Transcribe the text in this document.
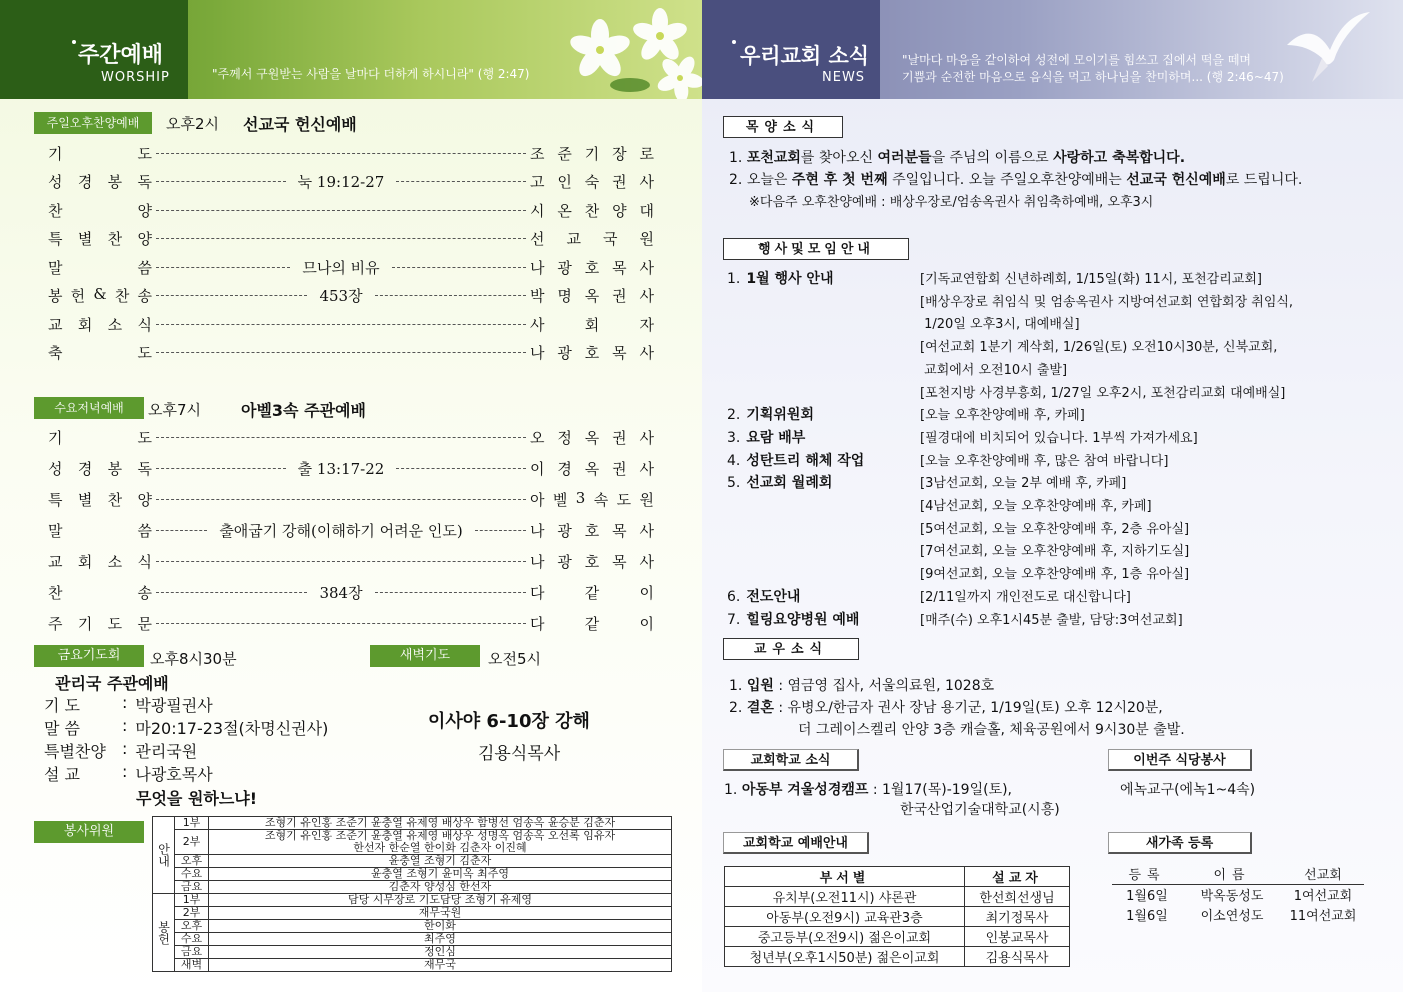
주간예배
WORSHIP	"주께서 구원받는 사람을 날마다 더하게 하시니라" (행 2:47)
주일오후찬양예배	오후2시 선교국 헌신예배
기	도	조 준 기 장 로
성 경 봉 독	눅 19:12-27	고 인 숙 권 사
찬	양	시 온 찬 양 대
특 별 찬 양	선 교 국 원
말	씀	므나의 비유	나 광 호 목 사
봉 헌 & 찬 송	453장	박 명 옥 권 사
교 회 소 식	사	회	자
축	도	나 광 호 목 사
수요저녁예배	오후7시 아벨3속 주관예배
기	도	오 정 옥 권 사
성 경 봉 독	출 13:17-22	이 경 옥 권 사
특 별 찬 양	아 벨 3 속 도 원
말	씀	출애굽기 강해(이해하기 어려운 인도)	나 광 호 목 사
교 회 소 식	나 광 호 목 사
찬	송	384장	다	같	이
주 기 도 문	다	같	이
금요기도회	오후8시30분
관리국 주관예배
기 도	: 박광필권사
말 씀	: 마20:17-23절(차명신권사)
특별찬양	: 관리국원
설 교	: 나광호목사
무엇을 원하느냐!
새벽기도	오전5시
이사야 6-10장 강해
김용식목사
봉사위원
안내	1부	조형기 유인홍 조준기 윤충열 유제영 배상우 함병선 엄송옥 윤승분 김춘자

	2부	조형기 유인홍 조준기 윤충열 유제영 배상우 성명옥 엄송옥 오선록 임유자
한선자 한순열 한이화 김춘자 이진혜

	오후	윤충열 조형기 김춘자

	수요	윤충열 조형기 윤미옥 최주영

	금요	김춘자 양성심 한선자

봉헌	1부	담당 시무장로 기도담당 조형기 유제영

	2부	재무국원

	오후	한이화

	수요	최주영

	금요	정인심

	새벽	재무국
우리교회 소식
NEWS
"날마다 마음을 같이하여 성전에 모이기를 힘쓰고 집에서 떡을 떼며
기쁨과 순전한 마음으로 음식을 먹고 하나님을 찬미하며... (행 2:46~47)
목양소식
1. 포천교회를 찾아오신 여러분들을 주님의 이름으로 사랑하고 축복합니다.
2. 오늘은 주현 후 첫 번째 주일입니다. 오늘 주일오후찬양예배는 선교국 헌신예배로 드립니다.
※다음주 오후찬양예배 : 배상우장로/엄송옥권사 취임축하예배, 오후3시
행사및모임안내
1. 1월 행사 안내	[기독교연합회 신년하례회, 1/15일(화) 11시, 포천감리교회]
[배상우장로 취임식 및 엄송옥권사 지방여선교회 연합회장 취임식,
1/20일 오후3시, 대예배실]
[여선교회 1분기 계삭회, 1/26일(토) 오전10시30분, 신북교회,
교회에서 오전10시 출발]
[포천지방 사경부흥회, 1/27일 오후2시, 포천감리교회 대예배실]
2. 기획위원회	[오늘 오후찬양예배 후, 카페]
3. 요람 배부	[필경대에 비치되어 있습니다. 1부씩 가져가세요]
4. 성탄트리 해체 작업	[오늘 오후찬양예배 후, 많은 참여 바랍니다]
5. 선교회 월례회	[3남선교회, 오늘 2부 예배 후, 카페]
[4남선교회, 오늘 오후찬양예배 후, 카페]
[5여선교회, 오늘 오후찬양예배 후, 2층 유아실]
[7여선교회, 오늘 오후찬양예배 후, 지하기도실]
[9여선교회, 오늘 오후찬양예배 후, 1층 유아실]
6. 전도안내	[2/11일까지 개인전도로 대신합니다]
7. 힐링요양병원 예배	[매주(수) 오후1시45분 출발, 담당:3여선교회]
교우소식
1. 입원 : 염금영 집사, 서울의료원, 1028호
2. 결혼 : 유병오/한금자 권사 장남 용기군, 1/19일(토) 오후 12시20분,
더 그레이스켈리 안양 3층 캐슬홀, 체육공원에서 9시30분 출발.
교회학교 소식
1. 아동부 겨울성경캠프 : 1월17(목)-19일(토),
한국산업기술대학교(시흥)
이번주 식당봉사
에녹교구(에녹1~4속)
교회학교 예배안내
부서별	설교자
유치부(오전11시) 샤론관	한선희선생님
아동부(오전9시) 교육관3층	최기정목사
중고등부(오전9시) 젊은이교회	인봉교목사
청년부(오후1시50분) 젊은이교회	김용식목사
새가족 등록
등록	이름	선교회
1월6일	박옥동성도	1여선교회
1월6일	이소연성도	11여선교회
